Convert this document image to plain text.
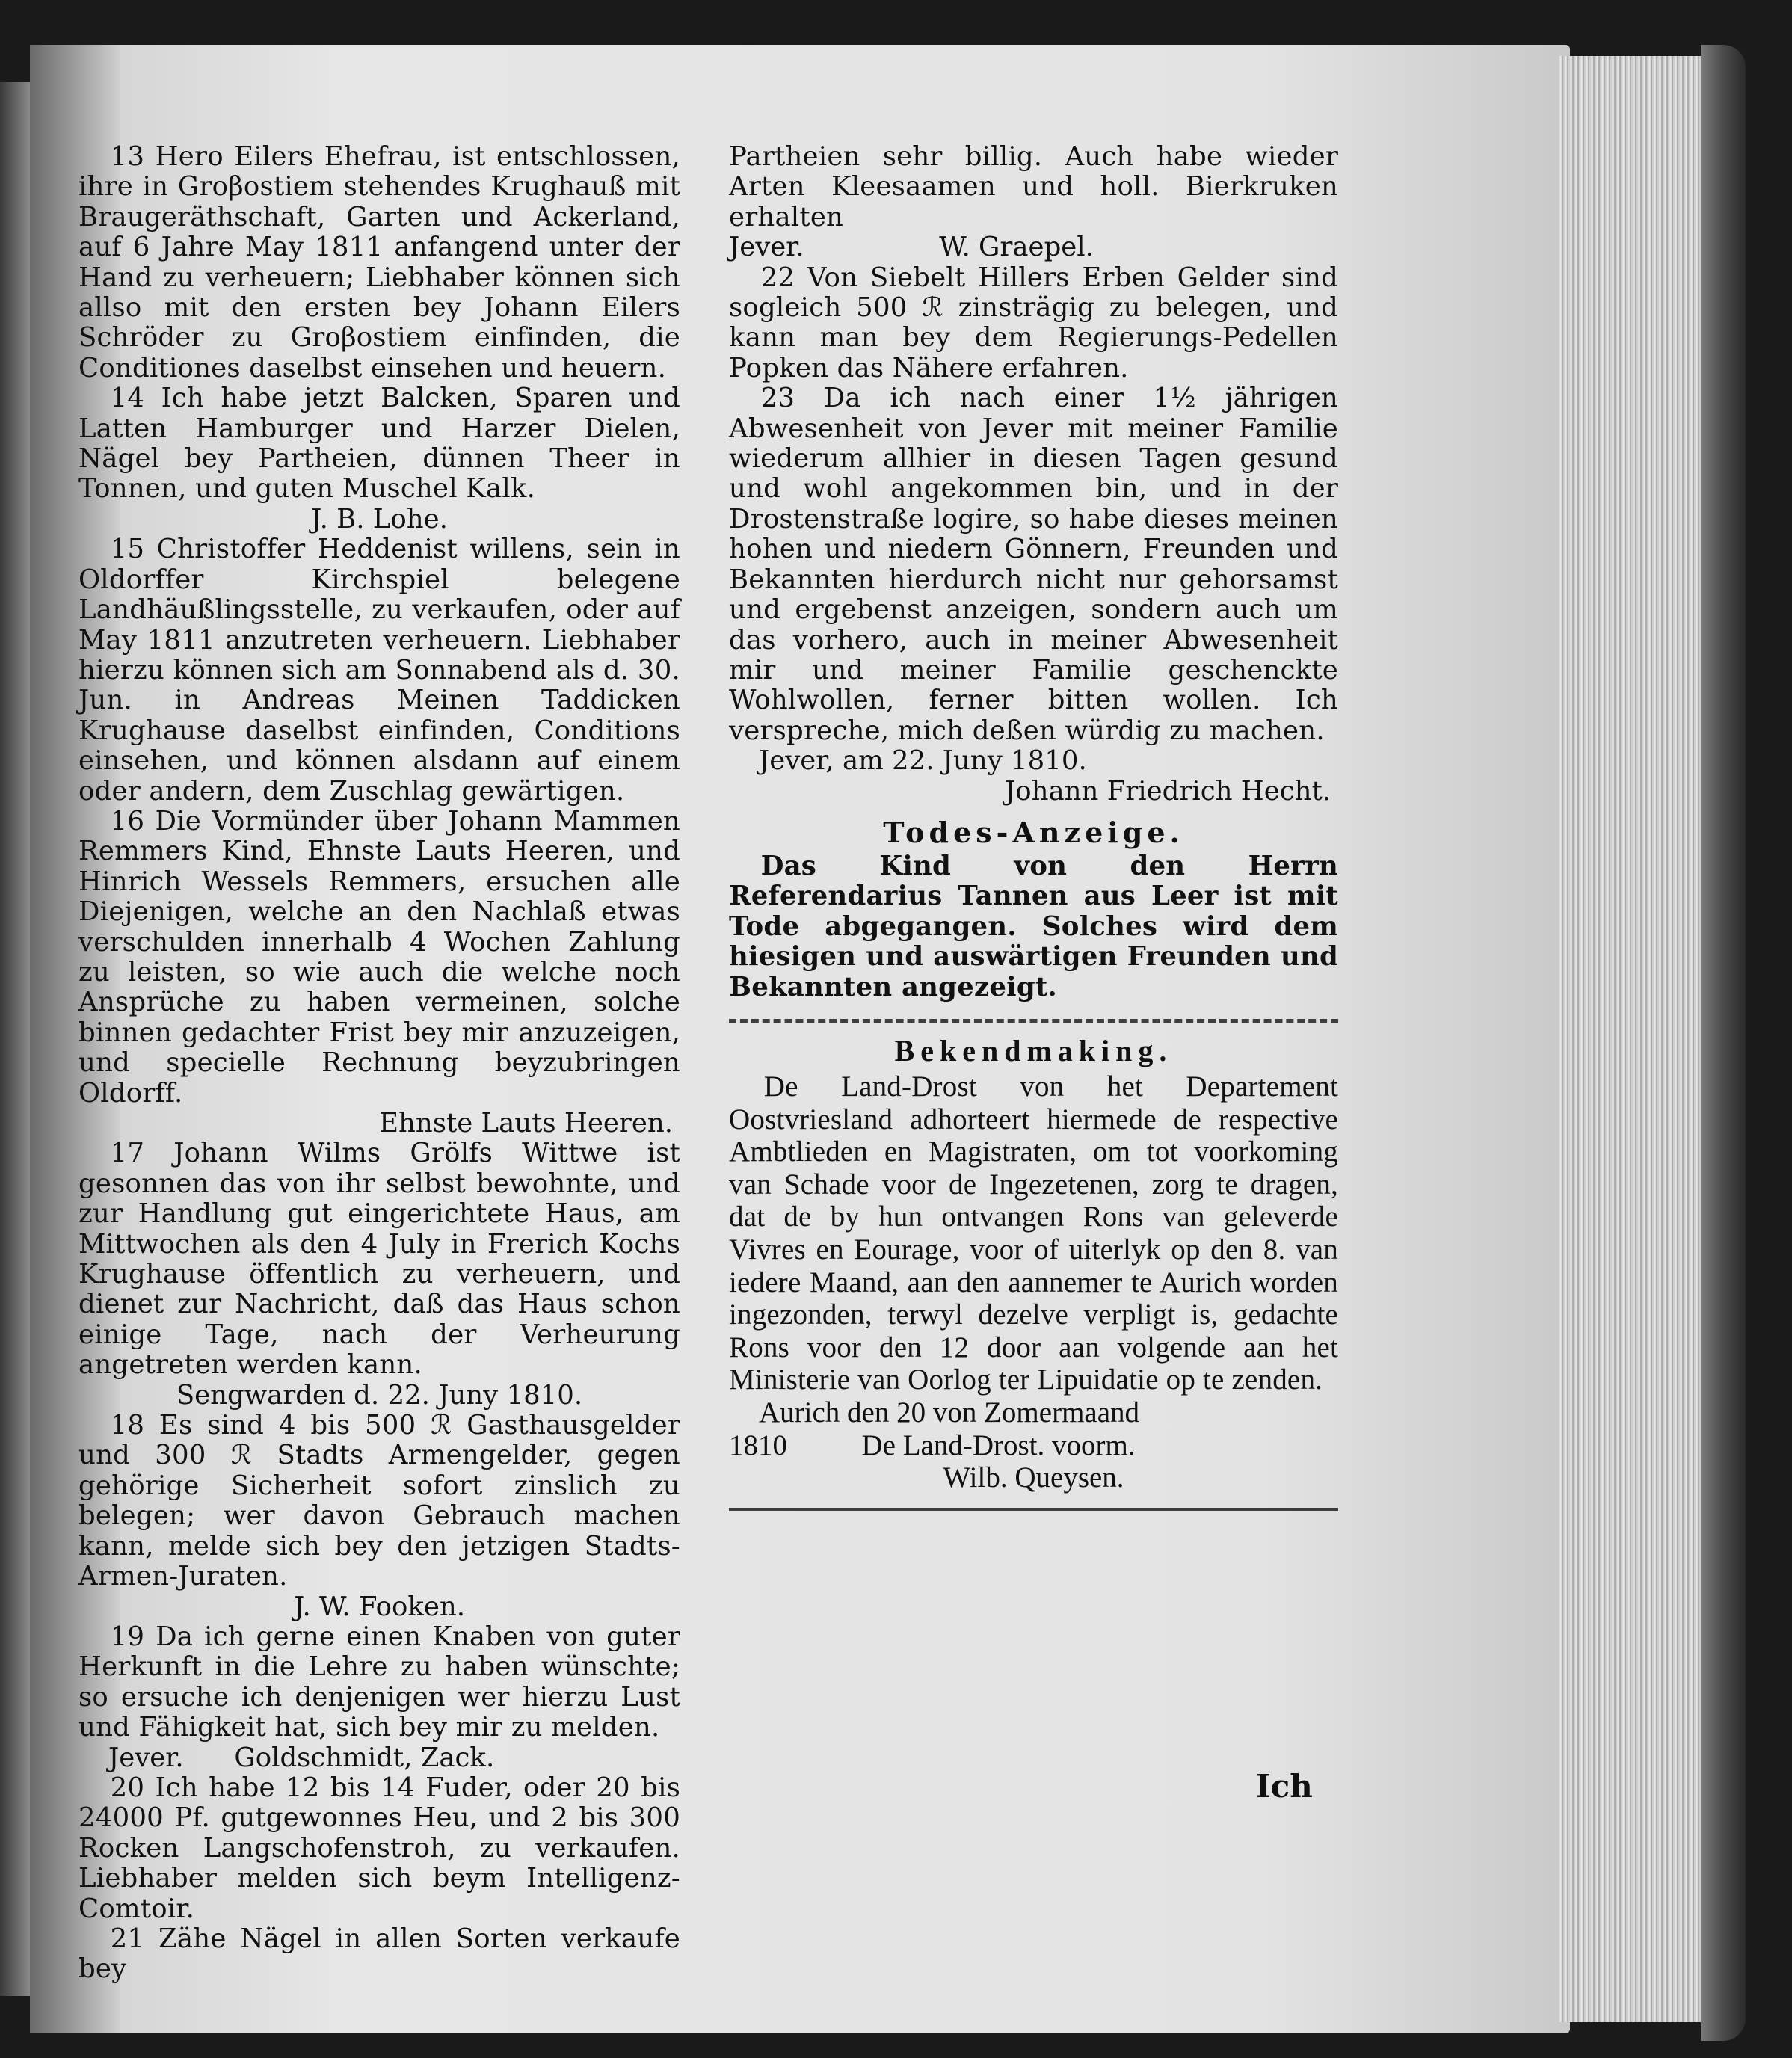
13 Hero Eilers Ehefrau, ist entschlossen, ihre in Groβostiem stehendes Krughauß mit Braugeräthschaft, Garten und Ackerland, auf 6 Jahre May 1811 anfangend unter der Hand zu verheuern; Liebhaber können sich allso mit den ersten bey Johann Eilers Schröder zu Groβostiem einfinden, die Conditiones daselbst einsehen und heuern.

14 Ich habe jetzt Balcken, Sparen und Latten Hamburger und Harzer Dielen, Nägel bey Partheien, dünnen Theer in Tonnen, und guten Muschel Kalk.

J. B. Lohe.

15 Christoffer Heddenist willens, sein in Oldorffer Kirchspiel belegene Landhäußlingsstelle, zu verkaufen, oder auf May 1811 anzutreten verheuern. Liebhaber hierzu können sich am Sonnabend als d. 30. Jun. in Andreas Meinen Taddicken Krughause daselbst einfinden, Conditions einsehen, und können alsdann auf einem oder andern, dem Zuschlag gewärtigen.

16 Die Vormünder über Johann Mammen Remmers Kind, Ehnste Lauts Heeren, und Hinrich Wessels Remmers, ersuchen alle Diejenigen, welche an den Nachlaß etwas verschulden innerhalb 4 Wochen Zahlung zu leisten, so wie auch die welche noch Ansprüche zu haben vermeinen, solche binnen gedachter Frist bey mir anzuzeigen, und specielle Rechnung beyzubringen Oldorff.

Ehnste Lauts Heeren.

17 Johann Wilms Grölfs Wittwe ist gesonnen das von ihr selbst bewohnte, und zur Handlung gut eingerichtete Haus, am Mittwochen als den 4 July in Frerich Kochs Krughause öffentlich zu verheuern, und dienet zur Nachricht, daß das Haus schon einige Tage, nach der Verheurung angetreten werden kann.

Sengwarden d. 22. Juny 1810.

18 Es sind 4 bis 500 ℛ Gasthausgelder und 300 ℛ Stadts Armengelder, gegen gehörige Sicherheit sofort zinslich zu belegen; wer davon Gebrauch machen kann, melde sich bey den jetzigen Stadts-Armen-Juraten.

J. W. Fooken.

19 Da ich gerne einen Knaben von guter Herkunft in die Lehre zu haben wünschte; so ersuche ich denjenigen wer hierzu Lust und Fähigkeit hat, sich bey mir zu melden.

Jever.      Goldschmidt, Zack.

20 Ich habe 12 bis 14 Fuder, oder 20 bis 24000 Pf. gutgewonnes Heu, und 2 bis 300 Rocken Langschofenstroh, zu verkaufen. Liebhaber melden sich beym Intelligenz-Comtoir.

21 Zähe Nägel in allen Sorten verkaufe bey

Partheien sehr billig. Auch habe wieder Arten Kleesaamen und holl. Bierkruken erhalten

Jever.                W. Graepel.

22 Von Siebelt Hillers Erben Gelder sind sogleich 500 ℛ zinsträgig zu belegen, und kann man bey dem Regierungs-Pedellen Popken das Nähere erfahren.

23 Da ich nach einer 1½ jährigen Abwesenheit von Jever mit meiner Familie wiederum allhier in diesen Tagen gesund und wohl angekommen bin, und in der Drostenstraße logire, so habe dieses meinen hohen und niedern Gönnern, Freunden und Bekannten hierdurch nicht nur gehorsamst und ergebenst anzeigen, sondern auch um das vorhero, auch in meiner Abwesenheit mir und meiner Familie geschenckte Wohlwollen, ferner bitten wollen. Ich verspreche, mich deßen würdig zu machen.

Jever, am 22. Juny 1810.

Johann Friedrich Hecht.

Todes-Anzeige.

Das Kind von den Herrn Referendarius Tannen aus Leer ist mit Tode abgegangen. Solches wird dem hiesigen und auswärtigen Freunden und Bekannten angezeigt.

Bekendmaking.

De Land-Drost von het Departement Oostvriesland adhorteert hiermede de respective Ambtlieden en Magistraten, om tot voorkoming van Schade voor de Ingezetenen, zorg te dragen, dat de by hun ontvangen Rons van geleverde Vivres en Eourage, voor of uiterlyk op den 8. van iedere Maand, aan den aannemer te Aurich worden ingezonden, terwyl dezelve verpligt is, gedachte Rons voor den 12 door aan volgende aan het Ministerie van Oorlog ter Lipuidatie op te zenden.

Aurich den 20 von Zomermaand

1810	De Land-Drost. voorm.

Wilb. Queysen.

Ich
